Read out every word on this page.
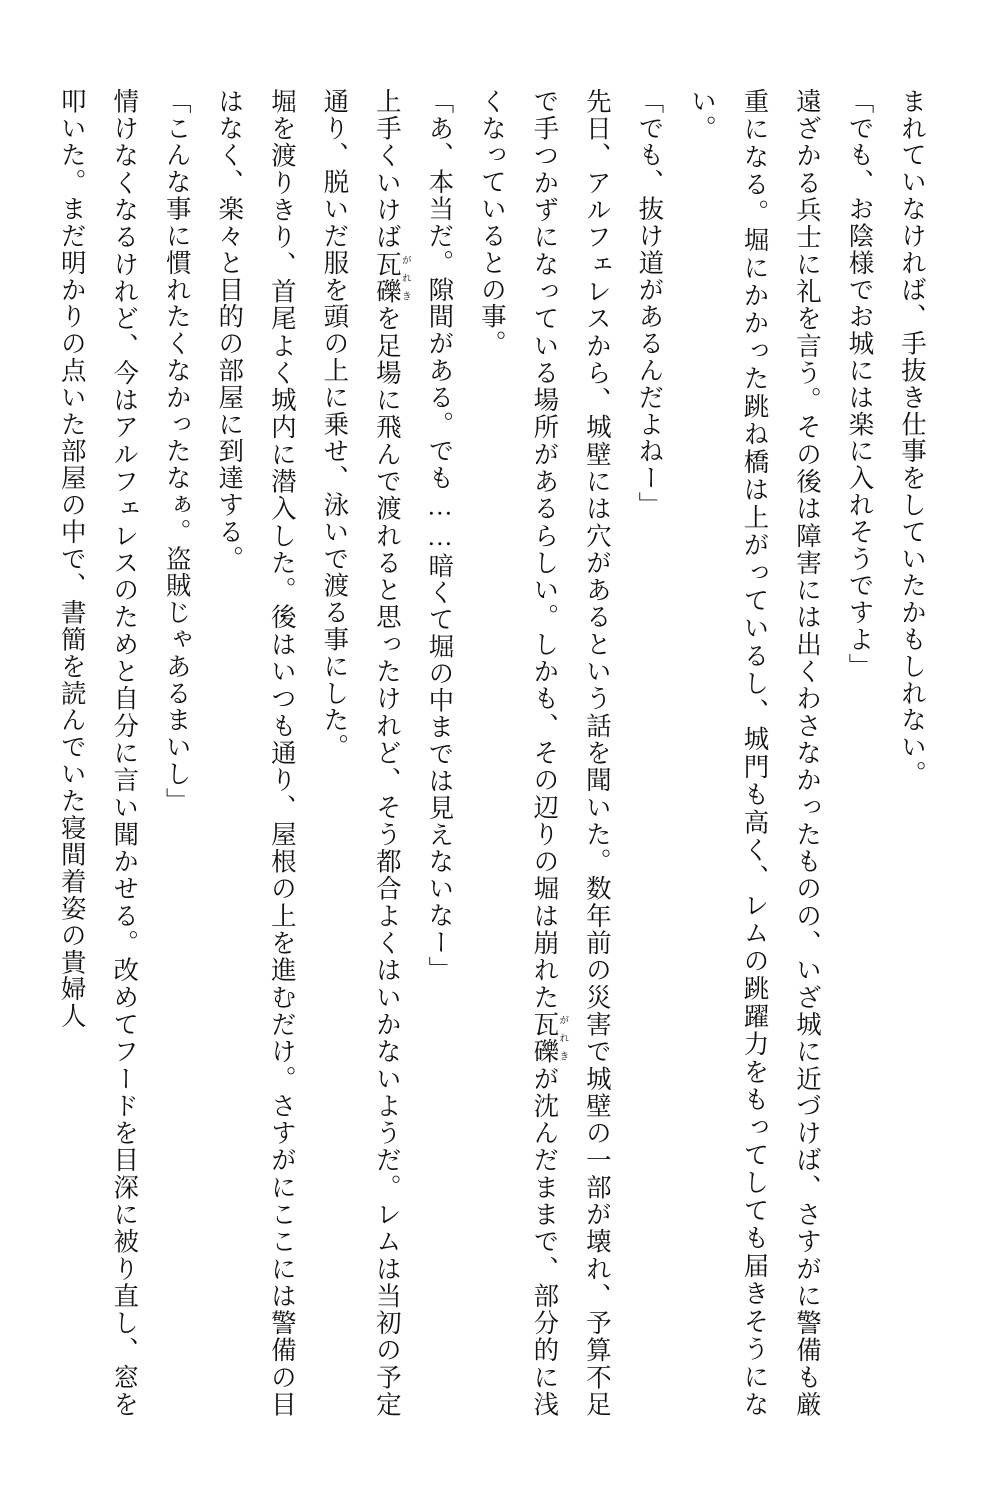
まれていなければ、手抜き仕事をしていたかもしれない。

「でも、お陰様でお城には楽に入れそうですよ」

遠ざかる兵士に礼を言う。その後は障害には出くわさなかったものの、いざ城に近づけば、さすがに警備も厳重になる。堀にかかった跳ね橋は上がっているし、城門も高く、レムの跳躍力をもってしても届きそうにない。

「でも、抜け道があるんだよねー」

先日、アルフェレスから、城壁には穴があるという話を聞いた。数年前の災害で城壁の一部が壊れ、予算不足で手つかずになっている場所があるらしい。しかも、その辺りの堀は崩れた瓦礫がれきが沈んだままで、部分的に浅くなっているとの事。

「あ、本当だ。隙間がある。でも……暗くて堀の中までは見えないなー」

上手くいけば瓦礫がれきを足場に飛んで渡れると思ったけれど、そう都合よくはいかないようだ。レムは当初の予定通り、脱いだ服を頭の上に乗せ、泳いで渡る事にした。

堀を渡りきり、首尾よく城内に潜入した。後はいつも通り、屋根の上を進むだけ。さすがにここには警備の目はなく、楽々と目的の部屋に到達する。

「こんな事に慣れたくなかったなぁ。盗賊じゃあるまいし」

情けなくなるけれど、今はアルフェレスのためと自分に言い聞かせる。改めてフードを目深に被り直し、窓を叩いた。まだ明かりの点いた部屋の中で、書簡を読んでいた寝間着姿の貴婦人
